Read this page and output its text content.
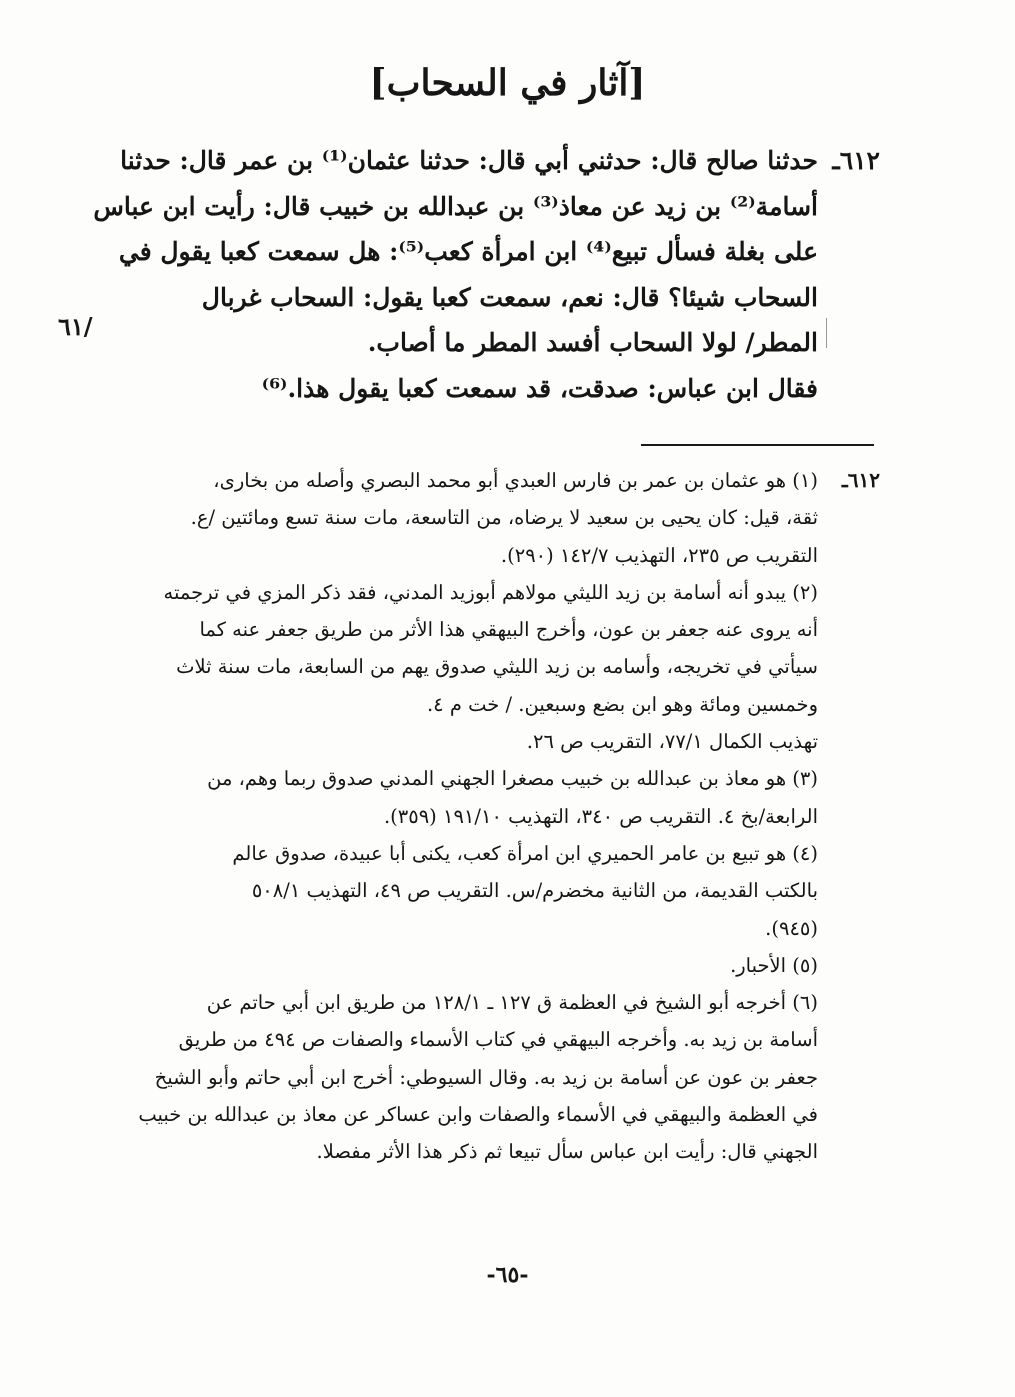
[آثار في السحاب]
٦١٢ـحدثنا صالح قال: حدثني أبي قال: حدثنا عثمان⁽¹⁾ بن عمر قال: حدثنا
أسامة⁽²⁾ بن زيد عن معاذ⁽³⁾ بن عبدالله بن خبيب قال: رأيت ابن عباس
على بغلة فسأل تبيع⁽⁴⁾ ابن امرأة كعب⁽⁵⁾: هل سمعت كعبا يقول في
السحاب شيئا؟ قال: نعم، سمعت كعبا يقول: السحاب غربال
المطر/ لولا السحاب أفسد المطر ما أصاب.
فقال ابن عباس: صدقت، قد سمعت كعبا يقول هذا.⁽⁶⁾
٦١/
٦١٢ـ(١) هو عثمان بن عمر بن فارس العبدي أبو محمد البصري وأصله من بخارى،
ثقة، قيل: كان يحيى بن سعيد لا يرضاه، من التاسعة، مات سنة تسع ومائتين /ع.
التقريب ص ٢٣٥، التهذيب ١٤٢/٧ (٢٩٠).
(٢) يبدو أنه أسامة بن زيد الليثي مولاهم أبوزيد المدني، فقد ذكر المزي في ترجمته
أنه يروى عنه جعفر بن عون، وأخرج البيهقي هذا الأثر من طريق جعفر عنه كما
سيأتي في تخريجه، وأسامه بن زيد الليثي صدوق يهم من السابعة، مات سنة ثلاث
وخمسين ومائة وهو ابن بضع وسبعين. / خت م ٤.
تهذيب الكمال ٧٧/١، التقريب ص ٢٦.
(٣) هو معاذ بن عبدالله بن خبيب مصغرا الجهني المدني صدوق ربما وهم، من
الرابعة/بخ ٤. التقريب ص ٣٤٠، التهذيب ١٩١/١٠ (٣٥٩).
(٤) هو تبيع بن عامر الحميري ابن امرأة كعب، يكنى أبا عبيدة، صدوق عالم
بالكتب القديمة، من الثانية مخضرم/س. التقريب ص ٤٩، التهذيب ٥٠٨/١
(٩٤٥).
(٥) الأحبار.
(٦) أخرجه أبو الشيخ في العظمة ق ١٢٧ ـ ١٢٨/١ من طريق ابن أبي حاتم عن
أسامة بن زيد به. وأخرجه البيهقي في كتاب الأسماء والصفات ص ٤٩٤ من طريق
جعفر بن عون عن أسامة بن زيد به. وقال السيوطي: أخرج ابن أبي حاتم وأبو الشيخ
في العظمة والبيهقي في الأسماء والصفات وابن عساكر عن معاذ بن عبدالله بن خبيب
الجهني قال: رأيت ابن عباس سأل تبيعا ثم ذكر هذا الأثر مفصلا.
-٦٥-
